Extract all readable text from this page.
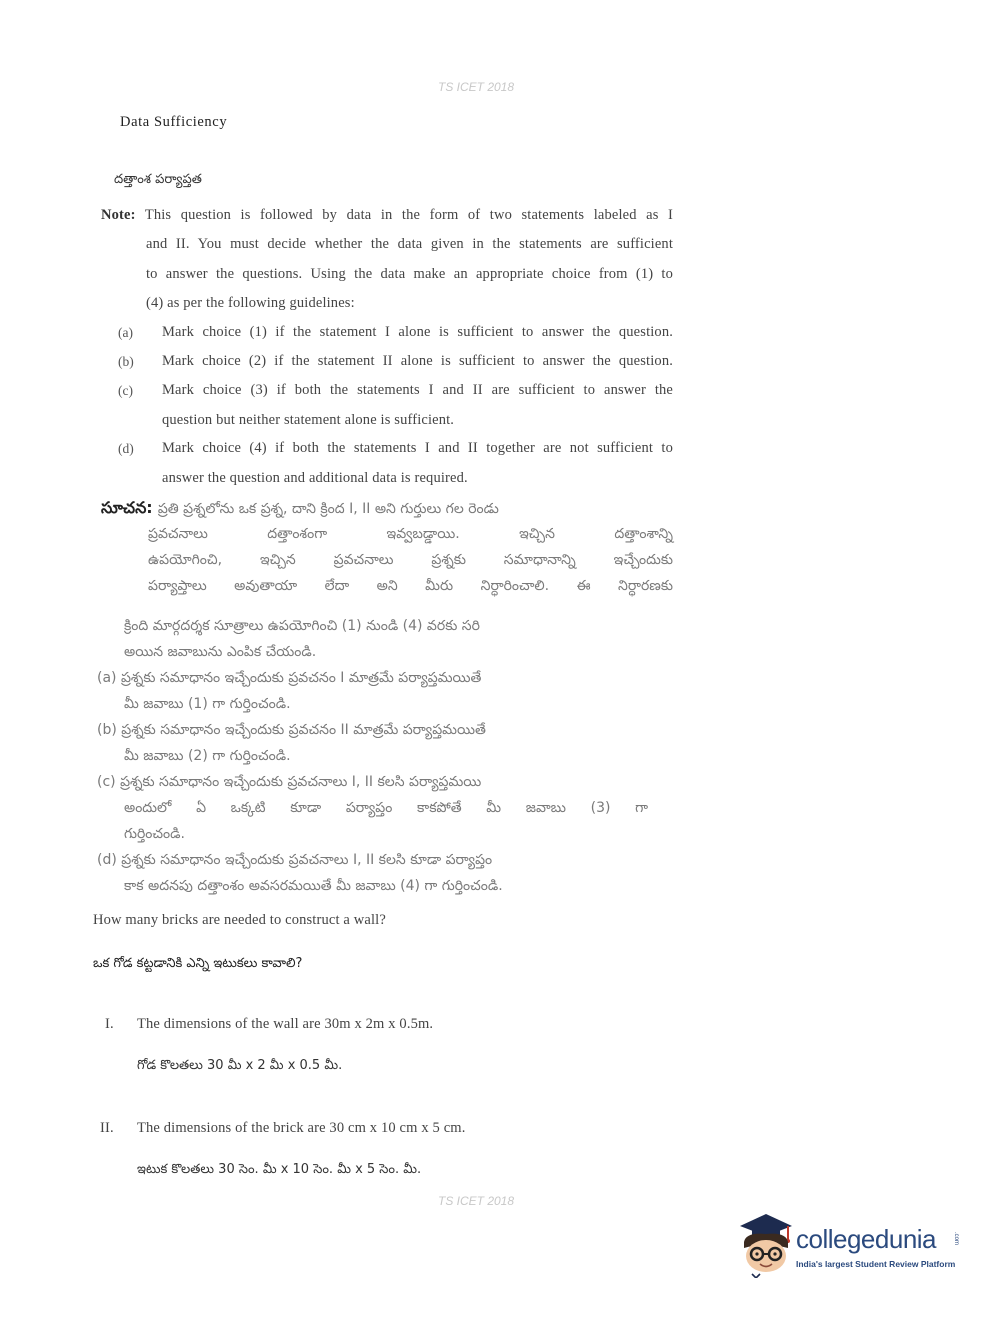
TS ICET 2018
Data Sufficiency
దత్తాంశ పర్యాప్తత
Note: This question is followed by data in the form of two statements labeled as I
and II. You must decide whether the data given in the statements are sufficient
to answer the questions. Using the data make an appropriate choice from (1) to
(4) as per the following guidelines:
(a) Mark choice (1) if the statement I alone is sufficient to answer the question.
(b) Mark choice (2) if the statement II alone is sufficient to answer the question.
(c) Mark choice (3) if both the statements I and II are sufficient to answer the
question but neither statement alone is sufficient.
(d) Mark choice (4) if both the statements I and II together are not sufficient to
answer the question and additional data is required.
సూచన: ప్రతి ప్రశ్నలోను ఒక ప్రశ్న, దాని క్రింద I, II అని గుర్తులు గల రెండు
ప్రవచనాలు దత్తాంశంగా ఇవ్వబడ్డాయి. ఇచ్చిన దత్తాంశాన్ని
ఉపయోగించి, ఇచ్చిన ప్రవచనాలు ప్రశ్నకు సమాధానాన్ని ఇచ్చేందుకు
పర్యాప్తాలు అవుతాయా లేదా అని మీరు నిర్ధారించాలి. ఈ నిర్ధారణకు
క్రింది మార్గదర్శక సూత్రాలు ఉపయోగించి (1) నుండి (4) వరకు సరి
అయిన జవాబును ఎంపిక చేయండి.
(a) ప్రశ్నకు సమాధానం ఇచ్చేందుకు ప్రవచనం I మాత్రమే పర్యాప్తమయితే
మీ జవాబు (1) గా గుర్తించండి.
(b) ప్రశ్నకు సమాధానం ఇచ్చేందుకు ప్రవచనం II మాత్రమే పర్యాప్తమయితే
మీ జవాబు (2) గా గుర్తించండి.
(c) ప్రశ్నకు సమాధానం ఇచ్చేందుకు ప్రవచనాలు I, II కలసి పర్యాప్తమయి
అందులో ఏ ఒక్కటి కూడా పర్యాప్తం కాకపోతే మీ జవాబు (3) గా
గుర్తించండి.
(d) ప్రశ్నకు సమాధానం ఇచ్చేందుకు ప్రవచనాలు I, II కలసి కూడా పర్యాప్తం
కాక అదనపు దత్తాంశం అవసరమయితే మీ జవాబు (4) గా గుర్తించండి.
How many bricks are needed to construct a wall?
ఒక గోడ కట్టడానికి ఎన్ని ఇటుకలు కావాలి?
I. The dimensions of the wall are 30m x 2m x 0.5m.
గోడ కొలతలు 30 మీ x 2 మీ x 0.5 మీ.
II. The dimensions of the brick are 30 cm x 10 cm x 5 cm.
ఇటుక కొలతలు 30 సెం. మీ x 10 సెం. మీ x 5 సెం. మీ.
TS ICET 2018
collegedunia	.com
India's largest Student Review Platform
